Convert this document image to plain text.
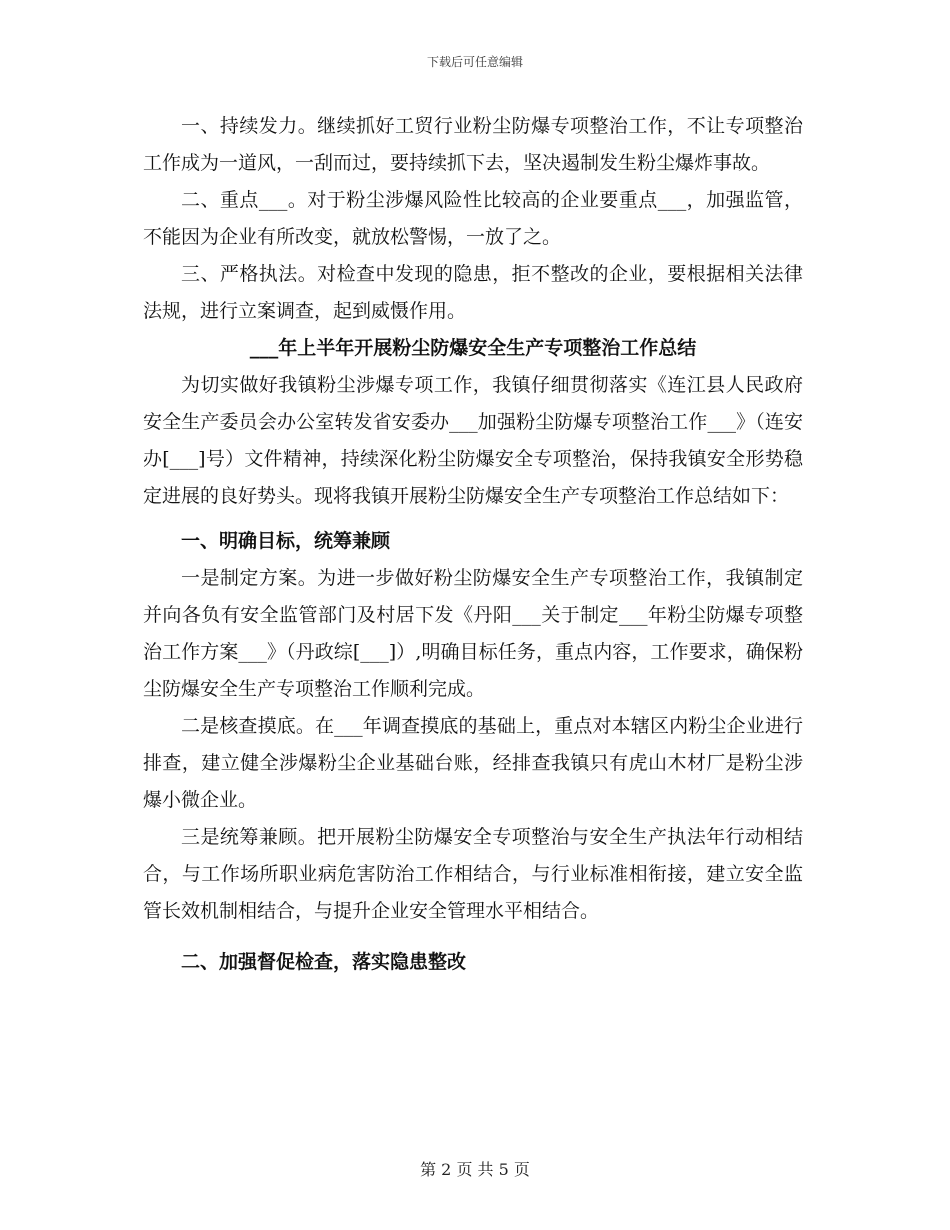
下载后可任意编辑

一、持续发力。继续抓好工贸行业粉尘防爆专项整治工作，不让专项整治工作成为一道风，一刮而过，要持续抓下去，坚决遏制发生粉尘爆炸事故。

二、重点___。对于粉尘涉爆风险性比较高的企业要重点___，加强监管，不能因为企业有所改变，就放松警惕，一放了之。

三、严格执法。对检查中发现的隐患，拒不整改的企业，要根据相关法律法规，进行立案调查，起到威慑作用。

___年上半年开展粉尘防爆安全生产专项整治工作总结

为切实做好我镇粉尘涉爆专项工作，我镇仔细贯彻落实《连江县人民政府安全生产委员会办公室转发省安委办___加强粉尘防爆专项整治工作___》（连安办[___]号）文件精神，持续深化粉尘防爆安全专项整治，保持我镇安全形势稳定进展的良好势头。现将我镇开展粉尘防爆安全生产专项整治工作总结如下：

一、明确目标，统筹兼顾

一是制定方案。为进一步做好粉尘防爆安全生产专项整治工作，我镇制定并向各负有安全监管部门及村居下发《丹阳___关于制定___年粉尘防爆专项整治工作方案___》（丹政综[___]）,明确目标任务，重点内容，工作要求，确保粉尘防爆安全生产专项整治工作顺利完成。

二是核查摸底。在___年调查摸底的基础上，重点对本辖区内粉尘企业进行排查，建立健全涉爆粉尘企业基础台账，经排查我镇只有虎山木材厂是粉尘涉爆小微企业。

三是统筹兼顾。把开展粉尘防爆安全专项整治与安全生产执法年行动相结合，与工作场所职业病危害防治工作相结合，与行业标准相衔接，建立安全监管长效机制相结合，与提升企业安全管理水平相结合。

二、加强督促检查，落实隐患整改

第 2 页 共 5 页
